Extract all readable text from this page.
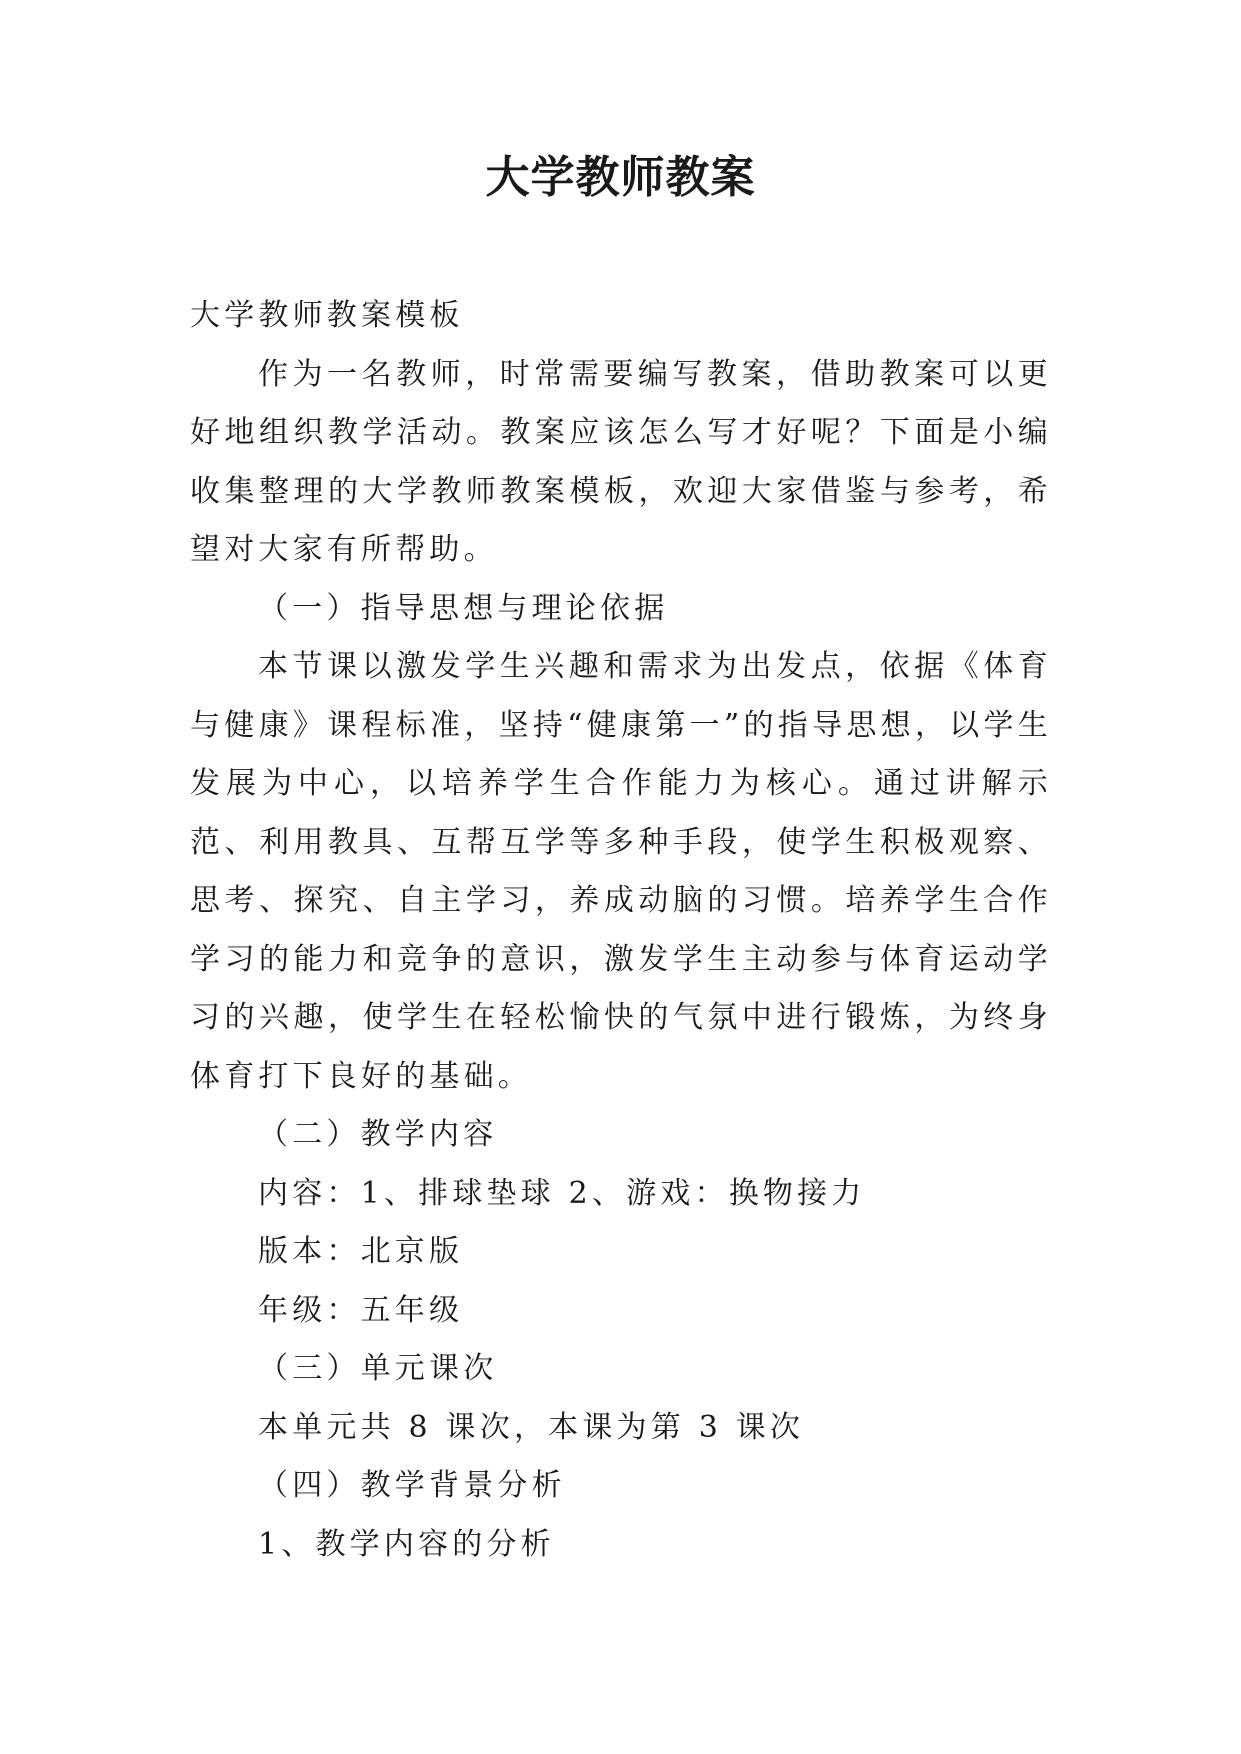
大学教师教案

大学教师教案模板

作为一名教师，时常需要编写教案，借助教案可以更好地组织教学活动。教案应该怎么写才好呢？下面是小编收集整理的大学教师教案模板，欢迎大家借鉴与参考，希望对大家有所帮助。

（一）指导思想与理论依据

本节课以激发学生兴趣和需求为出发点，依据《体育与健康》课程标准，坚持“健康第一”的指导思想，以学生发展为中心，以培养学生合作能力为核心。通过讲解示范、利用教具、互帮互学等多种手段，使学生积极观察、思考、探究、自主学习，养成动脑的习惯。培养学生合作学习的能力和竞争的意识，激发学生主动参与体育运动学习的兴趣，使学生在轻松愉快的气氛中进行锻炼，为终身体育打下良好的基础。

（二）教学内容

内容：1、排球垫球 2、游戏：换物接力

版本：北京版

年级：五年级

（三）单元课次

本单元共 8 课次，本课为第 3 课次

（四）教学背景分析

1、教学内容的分析
